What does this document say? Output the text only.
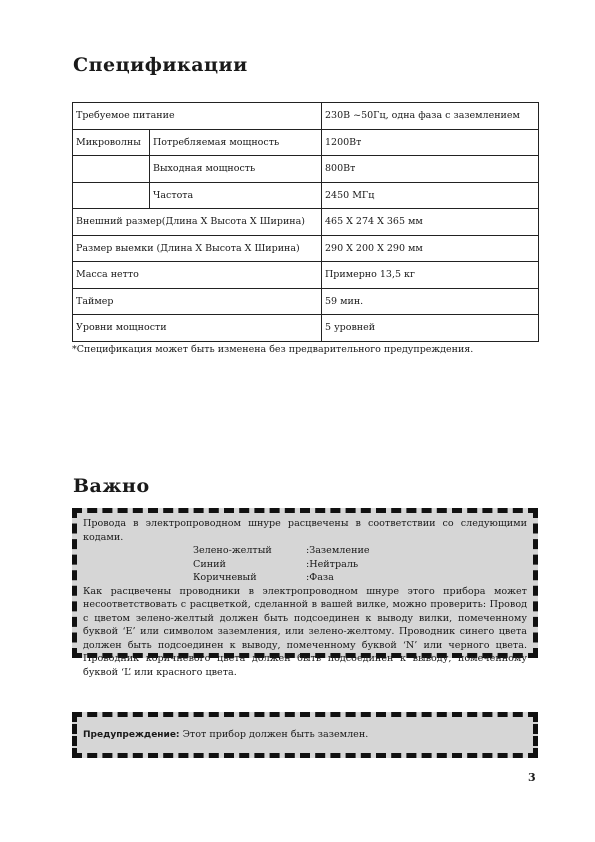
Спецификации
Требуемое питание		230В ~50Гц, одна фаза с заземлением
Микроволны	Потребляемая мощность	1200Вт
	Выходная мощность	800Вт
	Частота	2450 МГц
Внешний размер(Длина X Высота X Ширина)		465 X 274 X 365 мм
Размер выемки (Длина X Высота X Ширина)		290 X 200 X 290 мм
Масса нетто		Примерно 13,5 кг
Таймер		59 мин.
Уровни мощности		5 уровней
*Спецификация может быть изменена без предварительного предупреждения.
Важно

Провода в электропроводном шнуре расцвечены в соответствии со следующими кодами.

Зелено-желтый	:Заземление
Синий	:Нейтраль
Коричневый	:Фаза

Как расцвечены проводники в электропроводном шнуре этого прибора может несоответствовать с расцветкой, сделанной в вашей вилке, можно проверить: Провод с цветом зелено-желтый должен быть подсоединен к выводу вилки, помеченному буквой ‘E’ или символом заземления, или зелено-желтому. Проводник синего цвета должен быть подсоединен к выводу, помеченному буквой ‘N’ или черного цвета. Проводник коричневого цвета должен быть подсоединен к выводу, помеченному буквой ‘L’ или красного цвета.

Предупреждение: Этот прибор должен быть заземлен.
3
